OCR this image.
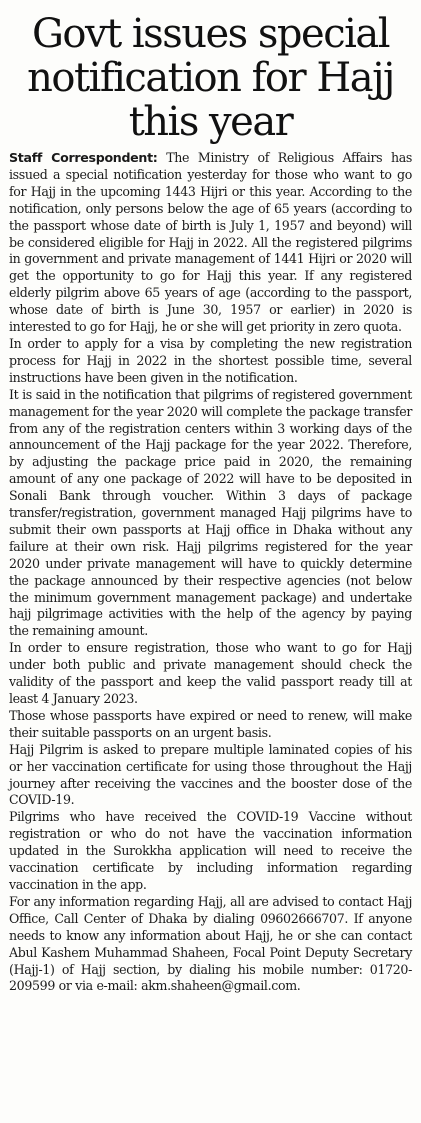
Govt issues special notification for Hajj this year

Staff Correspondent: The Ministry of Religious Affairs has issued a special notification yesterday for those who want to go for Hajj in the upcoming 1443 Hijri or this year. According to the notification, only persons below the age of 65 years (according to the passport whose date of birth is July 1, 1957 and beyond) will be considered eligible for Hajj in 2022. All the registered pilgrims in government and private management of 1441 Hijri or 2020 will get the opportunity to go for Hajj this year. If any registered elderly pilgrim above 65 years of age (according to the passport, whose date of birth is June 30, 1957 or earlier) in 2020 is interested to go for Hajj, he or she will get priority in zero quota.

In order to apply for a visa by completing the new registration process for Hajj in 2022 in the shortest possible time, several instructions have been given in the notification.

It is said in the notification that pilgrims of registered government management for the year 2020 will complete the package transfer from any of the registration centers within 3 working days of the announcement of the Hajj package for the year 2022. Therefore, by adjusting the package price paid in 2020, the remaining amount of any one package of 2022 will have to be deposited in Sonali Bank through voucher. Within 3 days of package transfer/registration, government managed Hajj pilgrims have to submit their own passports at Hajj office in Dhaka without any failure at their own risk. Hajj pilgrims registered for the year 2020 under private management will have to quickly determine the package announced by their respective agencies (not below the minimum government management package) and undertake hajj pilgrimage activities with the help of the agency by paying the remaining amount.

In order to ensure registration, those who want to go for Hajj under both public and private management should check the validity of the passport and keep the valid passport ready till at least 4 January 2023.

Those whose passports have expired or need to renew, will make their suitable passports on an urgent basis.

Hajj Pilgrim is asked to prepare multiple laminated copies of his or her vaccination certificate for using those throughout the Hajj journey after receiving the vaccines and the booster dose of the COVID-19.

Pilgrims who have received the COVID-19 Vaccine without registration or who do not have the vaccination information updated in the Surokkha application will need to receive the vaccination certificate by including information regarding vaccination in the app.

For any information regarding Hajj, all are advised to contact Hajj Office, Call Center of Dhaka by dialing 09602666707. If anyone needs to know any information about Hajj, he or she can contact Abul Kashem Muhammad Shaheen, Focal Point Deputy Secretary (Hajj-1) of Hajj section, by dialing his mobile number: 01720-209599 or via e-mail: akm.shaheen@gmail.com.
